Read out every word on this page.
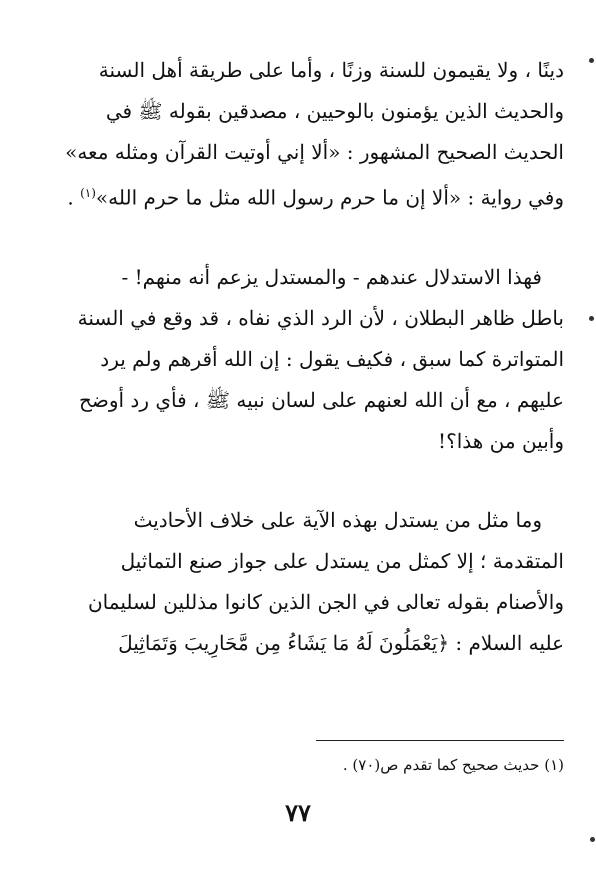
دينًا ، ولا يقيمون للسنة وزنًا ، وأما على طريقة أهل السنة
والحديث الذين يؤمنون بالوحيين ، مصدقين بقوله ﷺ في
الحديث الصحيح المشهور : «ألا إني أوتيت القرآن ومثله معه»
وفي رواية : «ألا إن ما حرم رسول الله مثل ما حرم الله»$^{(١)}$ .
فهذا الاستدلال عندهم - والمستدل يزعم أنه منهم! -
باطل ظاهر البطلان ، لأن الرد الذي نفاه ، قد وقع في السنة
المتواترة كما سبق ، فكيف يقول : إن الله أقرهم ولم يرد
عليهم ، مع أن الله لعنهم على لسان نبيه ﷺ ، فأي رد أوضح
وأبين من هذا؟!
وما مثل من يستدل بهذه الآية على خلاف الأحاديث
المتقدمة ؛ إلا كمثل من يستدل على جواز صنع التماثيل
والأصنام بقوله تعالى في الجن الذين كانوا مذللين لسليمان
عليه السلام : ﴿يَعْمَلُونَ لَهُ مَا يَشَاءُ مِن مَّحَارِيبَ وَتَمَاثِيلَ
(١) حديث صحيح كما تقدم ص(٧٠) .
٧٧
